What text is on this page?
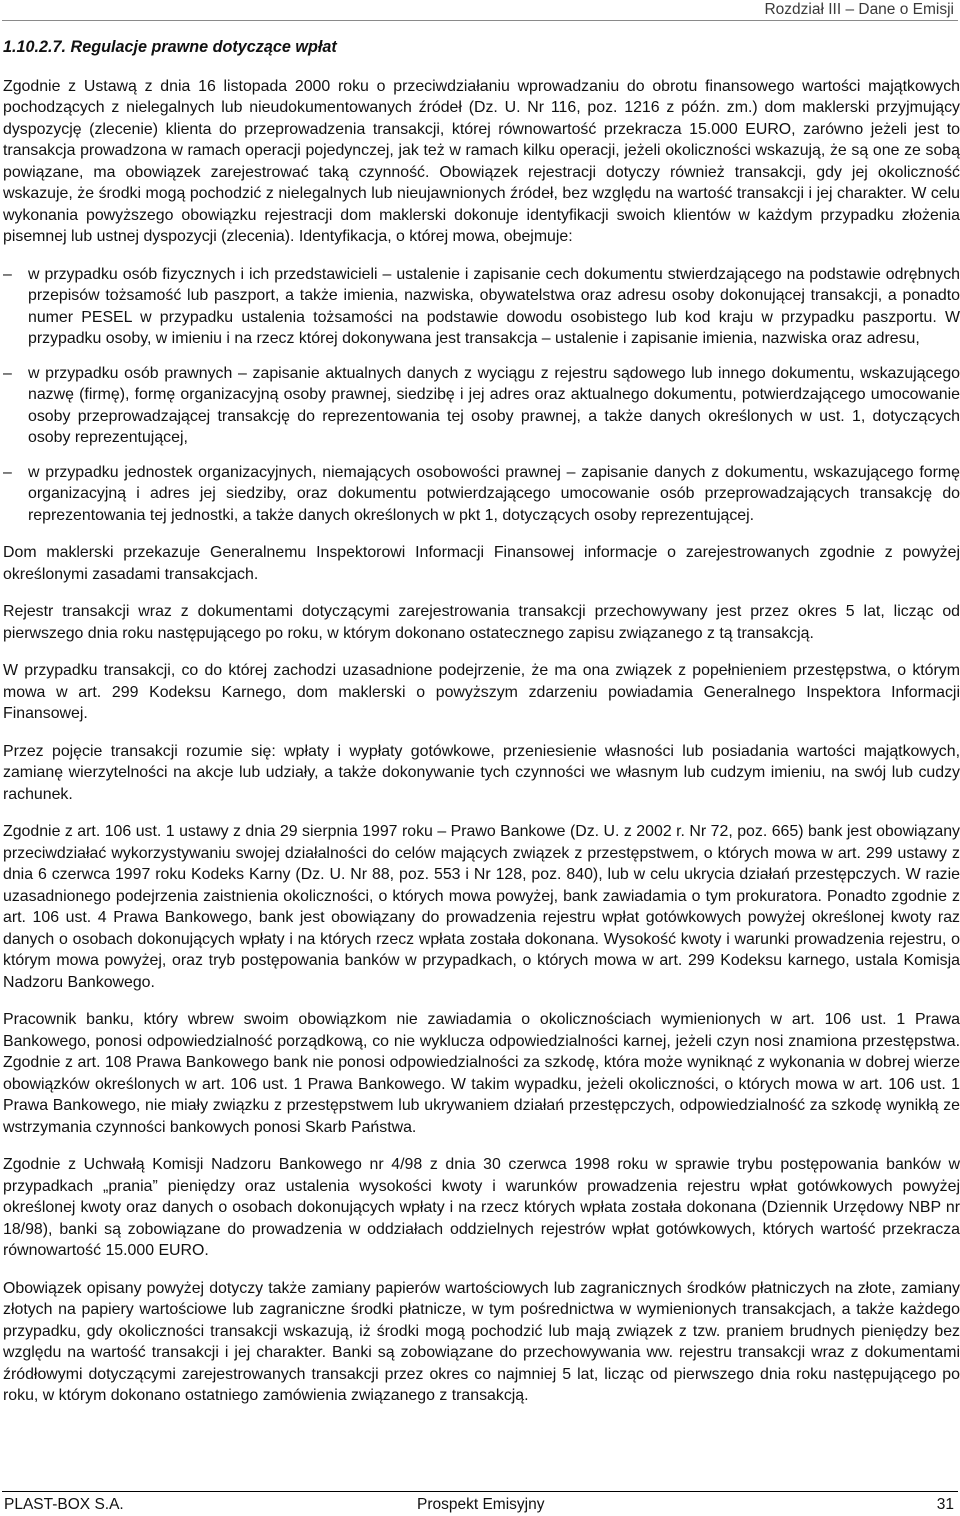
Rozdział III – Dane o Emisji
1.10.2.7. Regulacje prawne dotyczące wpłat

Zgodnie z Ustawą z dnia 16 listopada 2000 roku o przeciwdziałaniu wprowadzaniu do obrotu finansowego wartości majątkowych pochodzących z nielegalnych lub nieudokumentowanych źródeł (Dz. U. Nr 116, poz. 1216 z późn. zm.) dom maklerski przyjmujący dyspozycję (zlecenie) klienta do przeprowadzenia transakcji, której równowartość przekracza 15.000 EURO, zarówno jeżeli jest to transakcja prowadzona w ramach operacji pojedynczej, jak też w ramach kilku operacji, jeżeli okoliczności wskazują, że są one ze sobą powiązane, ma obowiązek zarejestrować taką czynność. Obowiązek rejestracji dotyczy również transakcji, gdy jej okoliczność wskazuje, że środki mogą pochodzić z nielegalnych lub nieujawnionych źródeł, bez względu na wartość transakcji i jej charakter. W celu wykonania powyższego obowiązku rejestracji dom maklerski dokonuje identyfikacji swoich klientów w każdym przypadku złożenia pisemnej lub ustnej dyspozycji (zlecenia). Identyfikacja, o której mowa, obejmuje:

– w przypadku osób fizycznych i ich przedstawicieli – ustalenie i zapisanie cech dokumentu stwierdzającego na podstawie odrębnych przepisów tożsamość lub paszport, a także imienia, nazwiska, obywatelstwa oraz adresu osoby dokonującej transakcji, a ponadto numer PESEL w przypadku ustalenia tożsamości na podstawie dowodu osobistego lub kod kraju w przypadku paszportu. W przypadku osoby, w imieniu i na rzecz której dokonywana jest transakcja – ustalenie i zapisanie imienia, nazwiska oraz adresu,
– w przypadku osób prawnych – zapisanie aktualnych danych z wyciągu z rejestru sądowego lub innego dokumentu, wskazującego nazwę (firmę), formę organizacyjną osoby prawnej, siedzibę i jej adres oraz aktualnego dokumentu, potwierdzającego umocowanie osoby przeprowadzającej transakcję do reprezentowania tej osoby prawnej, a także danych określonych w ust. 1, dotyczących osoby reprezentującej,
– w przypadku jednostek organizacyjnych, niemających osobowości prawnej – zapisanie danych z dokumentu, wskazującego formę organizacyjną i adres jej siedziby, oraz dokumentu potwierdzającego umocowanie osób przeprowadzających transakcję do reprezentowania tej jednostki, a także danych określonych w pkt 1, dotyczących osoby reprezentującej.

Dom maklerski przekazuje Generalnemu Inspektorowi Informacji Finansowej informacje o zarejestrowanych zgodnie z powyżej określonymi zasadami transakcjach.

Rejestr transakcji wraz z dokumentami dotyczącymi zarejestrowania transakcji przechowywany jest przez okres 5 lat, licząc od pierwszego dnia roku następującego po roku, w którym dokonano ostatecznego zapisu związanego z tą transakcją.

W przypadku transakcji, co do której zachodzi uzasadnione podejrzenie, że ma ona związek z popełnieniem przestępstwa, o którym mowa w art. 299 Kodeksu Karnego, dom maklerski o powyższym zdarzeniu powiadamia Generalnego Inspektora Informacji Finansowej.

Przez pojęcie transakcji rozumie się: wpłaty i wypłaty gotówkowe, przeniesienie własności lub posiadania wartości majątkowych, zamianę wierzytelności na akcje lub udziały, a także dokonywanie tych czynności we własnym lub cudzym imieniu, na swój lub cudzy rachunek.

Zgodnie z art. 106 ust. 1 ustawy z dnia 29 sierpnia 1997 roku – Prawo Bankowe (Dz. U. z 2002 r. Nr 72, poz. 665) bank jest obowiązany przeciwdziałać wykorzystywaniu swojej działalności do celów mających związek z przestępstwem, o których mowa w art. 299 ustawy z dnia 6 czerwca 1997 roku Kodeks Karny (Dz. U. Nr 88, poz. 553 i Nr 128, poz. 840), lub w celu ukrycia działań przestępczych. W razie uzasadnionego podejrzenia zaistnienia okoliczności, o których mowa powyżej, bank zawiadamia o tym prokuratora. Ponadto zgodnie z art. 106 ust. 4 Prawa Bankowego, bank jest obowiązany do prowadzenia rejestru wpłat gotówkowych powyżej określonej kwoty raz danych o osobach dokonujących wpłaty i na których rzecz wpłata została dokonana. Wysokość kwoty i warunki prowadzenia rejestru, o którym mowa powyżej, oraz tryb postępowania banków w przypadkach, o których mowa w art. 299 Kodeksu karnego, ustala Komisja Nadzoru Bankowego.

Pracownik banku, który wbrew swoim obowiązkom nie zawiadamia o okolicznościach wymienionych w art. 106 ust. 1 Prawa Bankowego, ponosi odpowiedzialność porządkową, co nie wyklucza odpowiedzialności karnej, jeżeli czyn nosi znamiona przestępstwa. Zgodnie z art. 108 Prawa Bankowego bank nie ponosi odpowiedzialności za szkodę, która może wyniknąć z wykonania w dobrej wierze obowiązków określonych w art. 106 ust. 1 Prawa Bankowego. W takim wypadku, jeżeli okoliczności, o których mowa w art. 106 ust. 1 Prawa Bankowego, nie miały związku z przestępstwem lub ukrywaniem działań przestępczych, odpowiedzialność za szkodę wynikłą ze wstrzymania czynności bankowych ponosi Skarb Państwa.

Zgodnie z Uchwałą Komisji Nadzoru Bankowego nr 4/98 z dnia 30 czerwca 1998 roku w sprawie trybu postępowania banków w przypadkach „prania” pieniędzy oraz ustalenia wysokości kwoty i warunków prowadzenia rejestru wpłat gotówkowych powyżej określonej kwoty oraz danych o osobach dokonujących wpłaty i na rzecz których wpłata została dokonana (Dziennik Urzędowy NBP nr 18/98), banki są zobowiązane do prowadzenia w oddziałach oddzielnych rejestrów wpłat gotówkowych, których wartość przekracza równowartość 15.000 EURO.

Obowiązek opisany powyżej dotyczy także zamiany papierów wartościowych lub zagranicznych środków płatniczych na złote, zamiany złotych na papiery wartościowe lub zagraniczne środki płatnicze, w tym pośrednictwa w wymienionych transakcjach, a także każdego przypadku, gdy okoliczności transakcji wskazują, iż środki mogą pochodzić lub mają związek z tzw. praniem brudnych pieniędzy bez względu na wartość transakcji i jej charakter. Banki są zobowiązane do przechowywania ww. rejestru transakcji wraz z dokumentami źródłowymi dotyczącymi zarejestrowanych transakcji przez okres co najmniej 5 lat, licząc od pierwszego dnia roku następującego po roku, w którym dokonano ostatniego zamówienia związanego z transakcją.

PLAST-BOX S.A.	Prospekt Emisyjny	31
